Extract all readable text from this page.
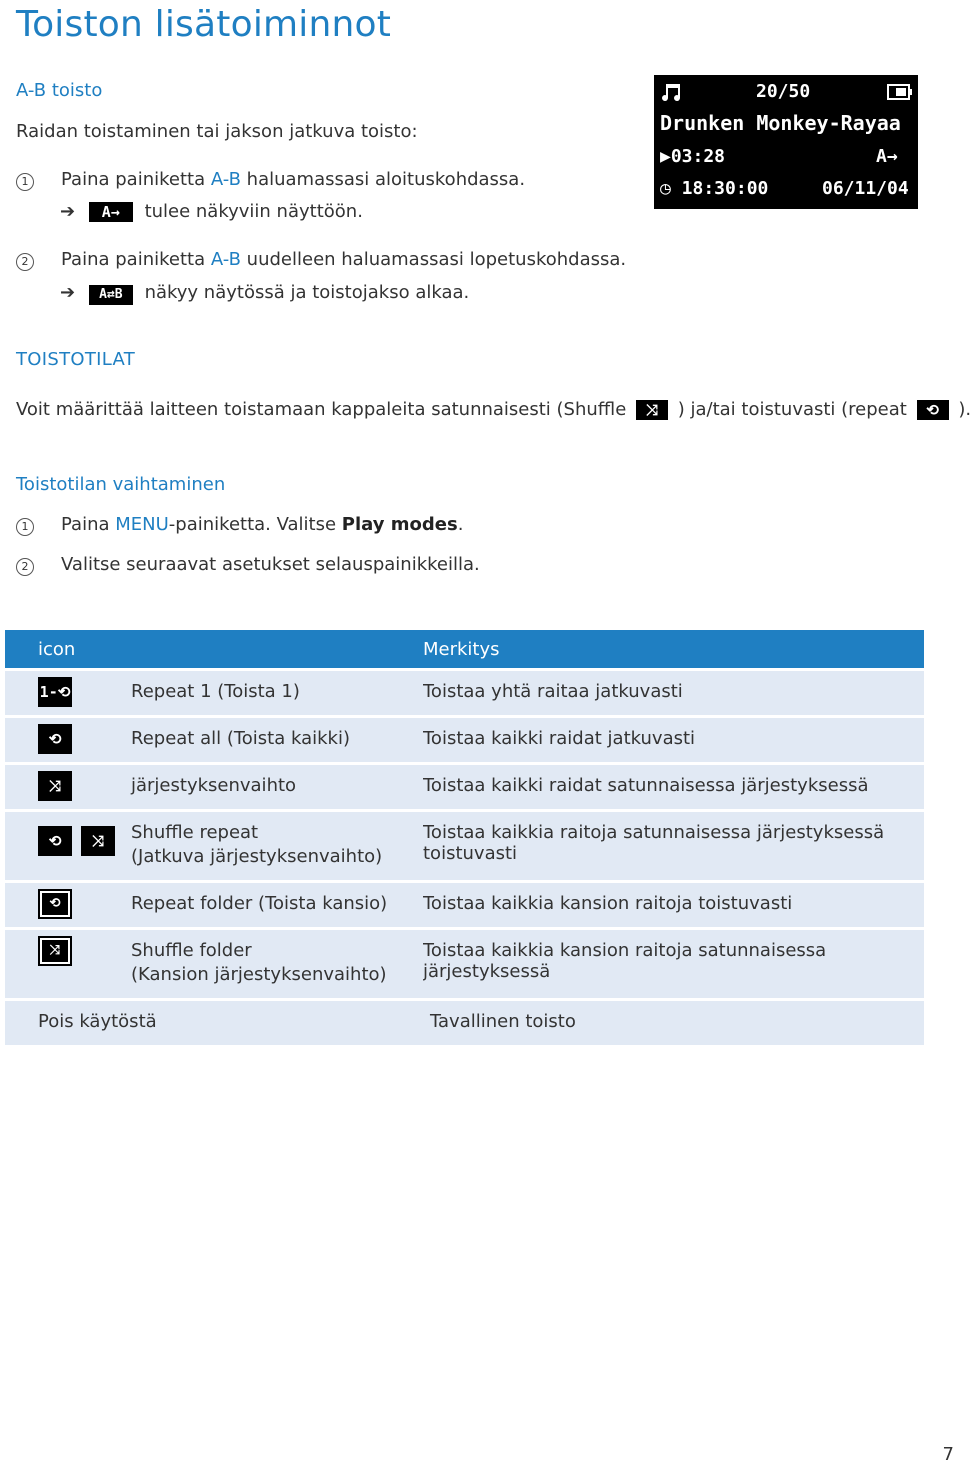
Toiston lisätoiminnot
A-B toisto
Raidan toistaminen tai jakson jatkuva toisto:
1 Paina painiketta A-B haluamassasi aloituskohdassa.
➔ A→ tulee näkyviin näyttöön.
2 Paina painiketta A-B uudelleen haluamassasi lopetuskohdassa.
➔ A⇄B näkyy näytössä ja toistojakso alkaa.
20/50
Drunken Monkey-Rayaa
▶03:28	A→
◷ 18:30:00	06/11/04
TOISTOTILAT
Voit määrittää laitteen toistamaan kappaleita satunnaisesti (Shuffle ⤨ ) ja/tai toistuvasti (repeat ⟲ ).
Toistotilan vaihtaminen
1 Paina MENU-painiketta. Valitse Play modes.
2 Valitse seuraavat asetukset selauspainikkeilla.
icon	Merkitys

1-⟲ Repeat 1 (Toista 1)	Toistaa yhtä raitaa jatkuvasti

⟲ Repeat all (Toista kaikki)	Toistaa kaikki raidat jatkuvasti

⤨ järjestyksenvaihto	Toistaa kaikki raidat satunnaisessa järjestyksessä

⟲ ⤨ Shuffle repeat
(Jatkuva järjestyksenvaihto)	Toistaa kaikkia raitoja satunnaisessa järjestyksessä toistuvasti

⟲ Repeat folder (Toista kansio)	Toistaa kaikkia kansion raitoja toistuvasti

⤨ Shuffle folder
(Kansion järjestyksenvaihto)	Toistaa kaikkia kansion raitoja satunnaisessa järjestyksessä
Pois käytöstä	Tavallinen toisto
7
